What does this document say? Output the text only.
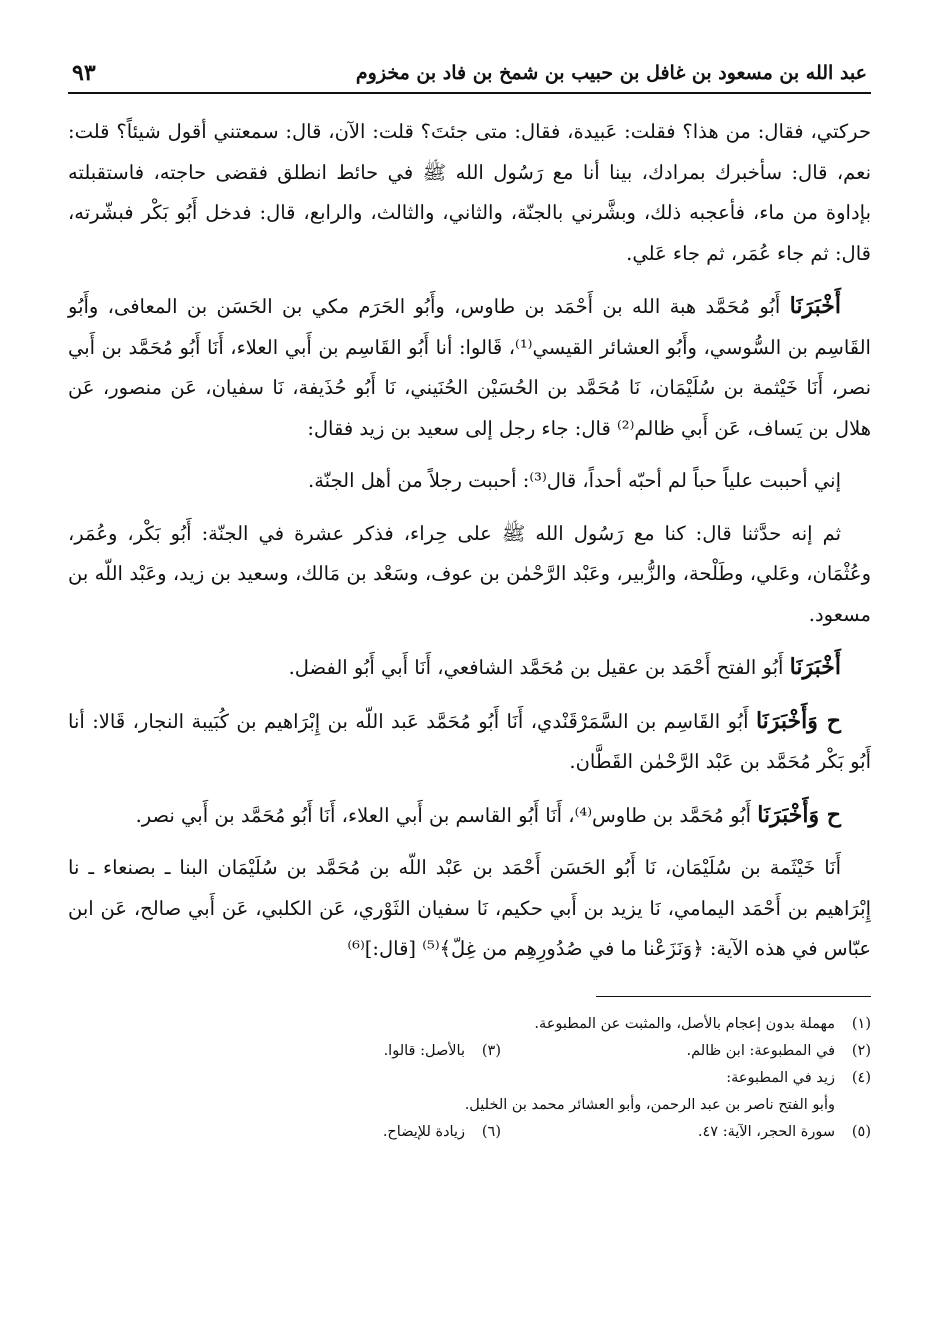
عبد الله بن مسعود بن غافل بن حبيب بن شمخ بن فاد بن مخزوم
٩٣

حركتي، فقال: من هذا؟ فقلت: عَبيدة، فقال: متى جئتَ؟ قلت: الآن، قال: سمعتني أقول شيئاً؟ قلت: نعم، قال: سأخبرك بمرادك، بينا أنا مع رَسُول الله ﷺ في حائط انطلق فقضى حاجته، فاستقبلته بإداوة من ماء، فأعجبه ذلك، وبشَّرني بالجنّة، والثاني، والثالث، والرابع، قال: فدخل أَبُو بَكْر فبشّرته، قال: ثم جاء عُمَر، ثم جاء عَلي.

أَخْبَرَنَا أَبُو مُحَمَّد هبة الله بن أَحْمَد بن طاوس، وأَبُو الحَرَم مكي بن الحَسَن بن المعافى، وأَبُو القَاسِم بن السُّوسي، وأَبُو العشائر القيسي⁽¹⁾، قَالوا: أنا أَبُو القَاسِم بن أَبي العلاء، أَنَا أَبُو مُحَمَّد بن أَبي نصر، أَنَا خَيْثمة بن سُلَيْمَان، نَا مُحَمَّد بن الحُسَيْن الحُنَيني، نَا أَبُو حُذَيفة، نَا سفيان، عَن منصور، عَن هلال بن يَساف، عَن أَبي ظالم⁽²⁾ قال: جاء رجل إلى سعيد بن زيد فقال:

إني أحببت علياً حباً لم أحبّه أحداً، قال⁽³⁾: أحببت رجلاً من أهل الجنّة.

ثم إنه حدَّثنا قال: كنا مع رَسُول الله ﷺ على حِراء، فذكر عشرة في الجنّة: أَبُو بَكْر، وعُمَر، وعُثْمَان، وعَلي، وطَلْحة، والزُّبير، وعَبْد الرَّحْمٰن بن عوف، وسَعْد بن مَالك، وسعيد بن زيد، وعَبْد اللّه بن مسعود.

أَخْبَرَنَا أَبُو الفتح أَحْمَد بن عقيل بن مُحَمَّد الشافعي، أَنَا أَبي أَبُو الفضل.

ح وَأَخْبَرَنَا أَبُو القَاسِم بن السَّمَرْقَنْدي، أَنَا أَبُو مُحَمَّد عَبد اللّه بن إِبْرَاهيم بن كُبَيبة النجار، قَالا: أنا أَبُو بَكْر مُحَمَّد بن عَبْد الرَّحْمٰن القَطَّان.

ح وَأَخْبَرَنَا أَبُو مُحَمَّد بن طاوس⁽⁴⁾، أَنَا أَبُو القاسم بن أَبي العلاء، أَنَا أَبُو مُحَمَّد بن أَبي نصر.

أَنَا خَيْثَمة بن سُلَيْمَان، نَا أَبُو الحَسَن أَحْمَد بن عَبْد اللّه بن مُحَمَّد بن سُلَيْمَان البنا ـ بصنعاء ـ نا إِبْرَاهيم بن أَحْمَد اليمامي، نَا يزيد بن أَبي حكيم، نَا سفيان الثَوْري، عَن الكلبي، عَن أَبي صالح، عَن ابن عبّاس في هذه الآية: ﴿وَنَزَعْنا ما في صُدُورِهِم من غِلّ﴾⁽⁵⁾ [قال:]⁽⁶⁾

(١)
مهملة بدون إعجام بالأصل، والمثبت عن المطبوعة.
(٢)
في المطبوعة: ابن ظالم.
(٣)
بالأصل: قالوا.
(٤)
زيد في المطبوعة:
وأبو الفتح ناصر بن عبد الرحمن، وأبو العشائر محمد بن الخليل.
(٥)
سورة الحجر، الآية: ٤٧.
(٦)
زيادة للإيضاح.
